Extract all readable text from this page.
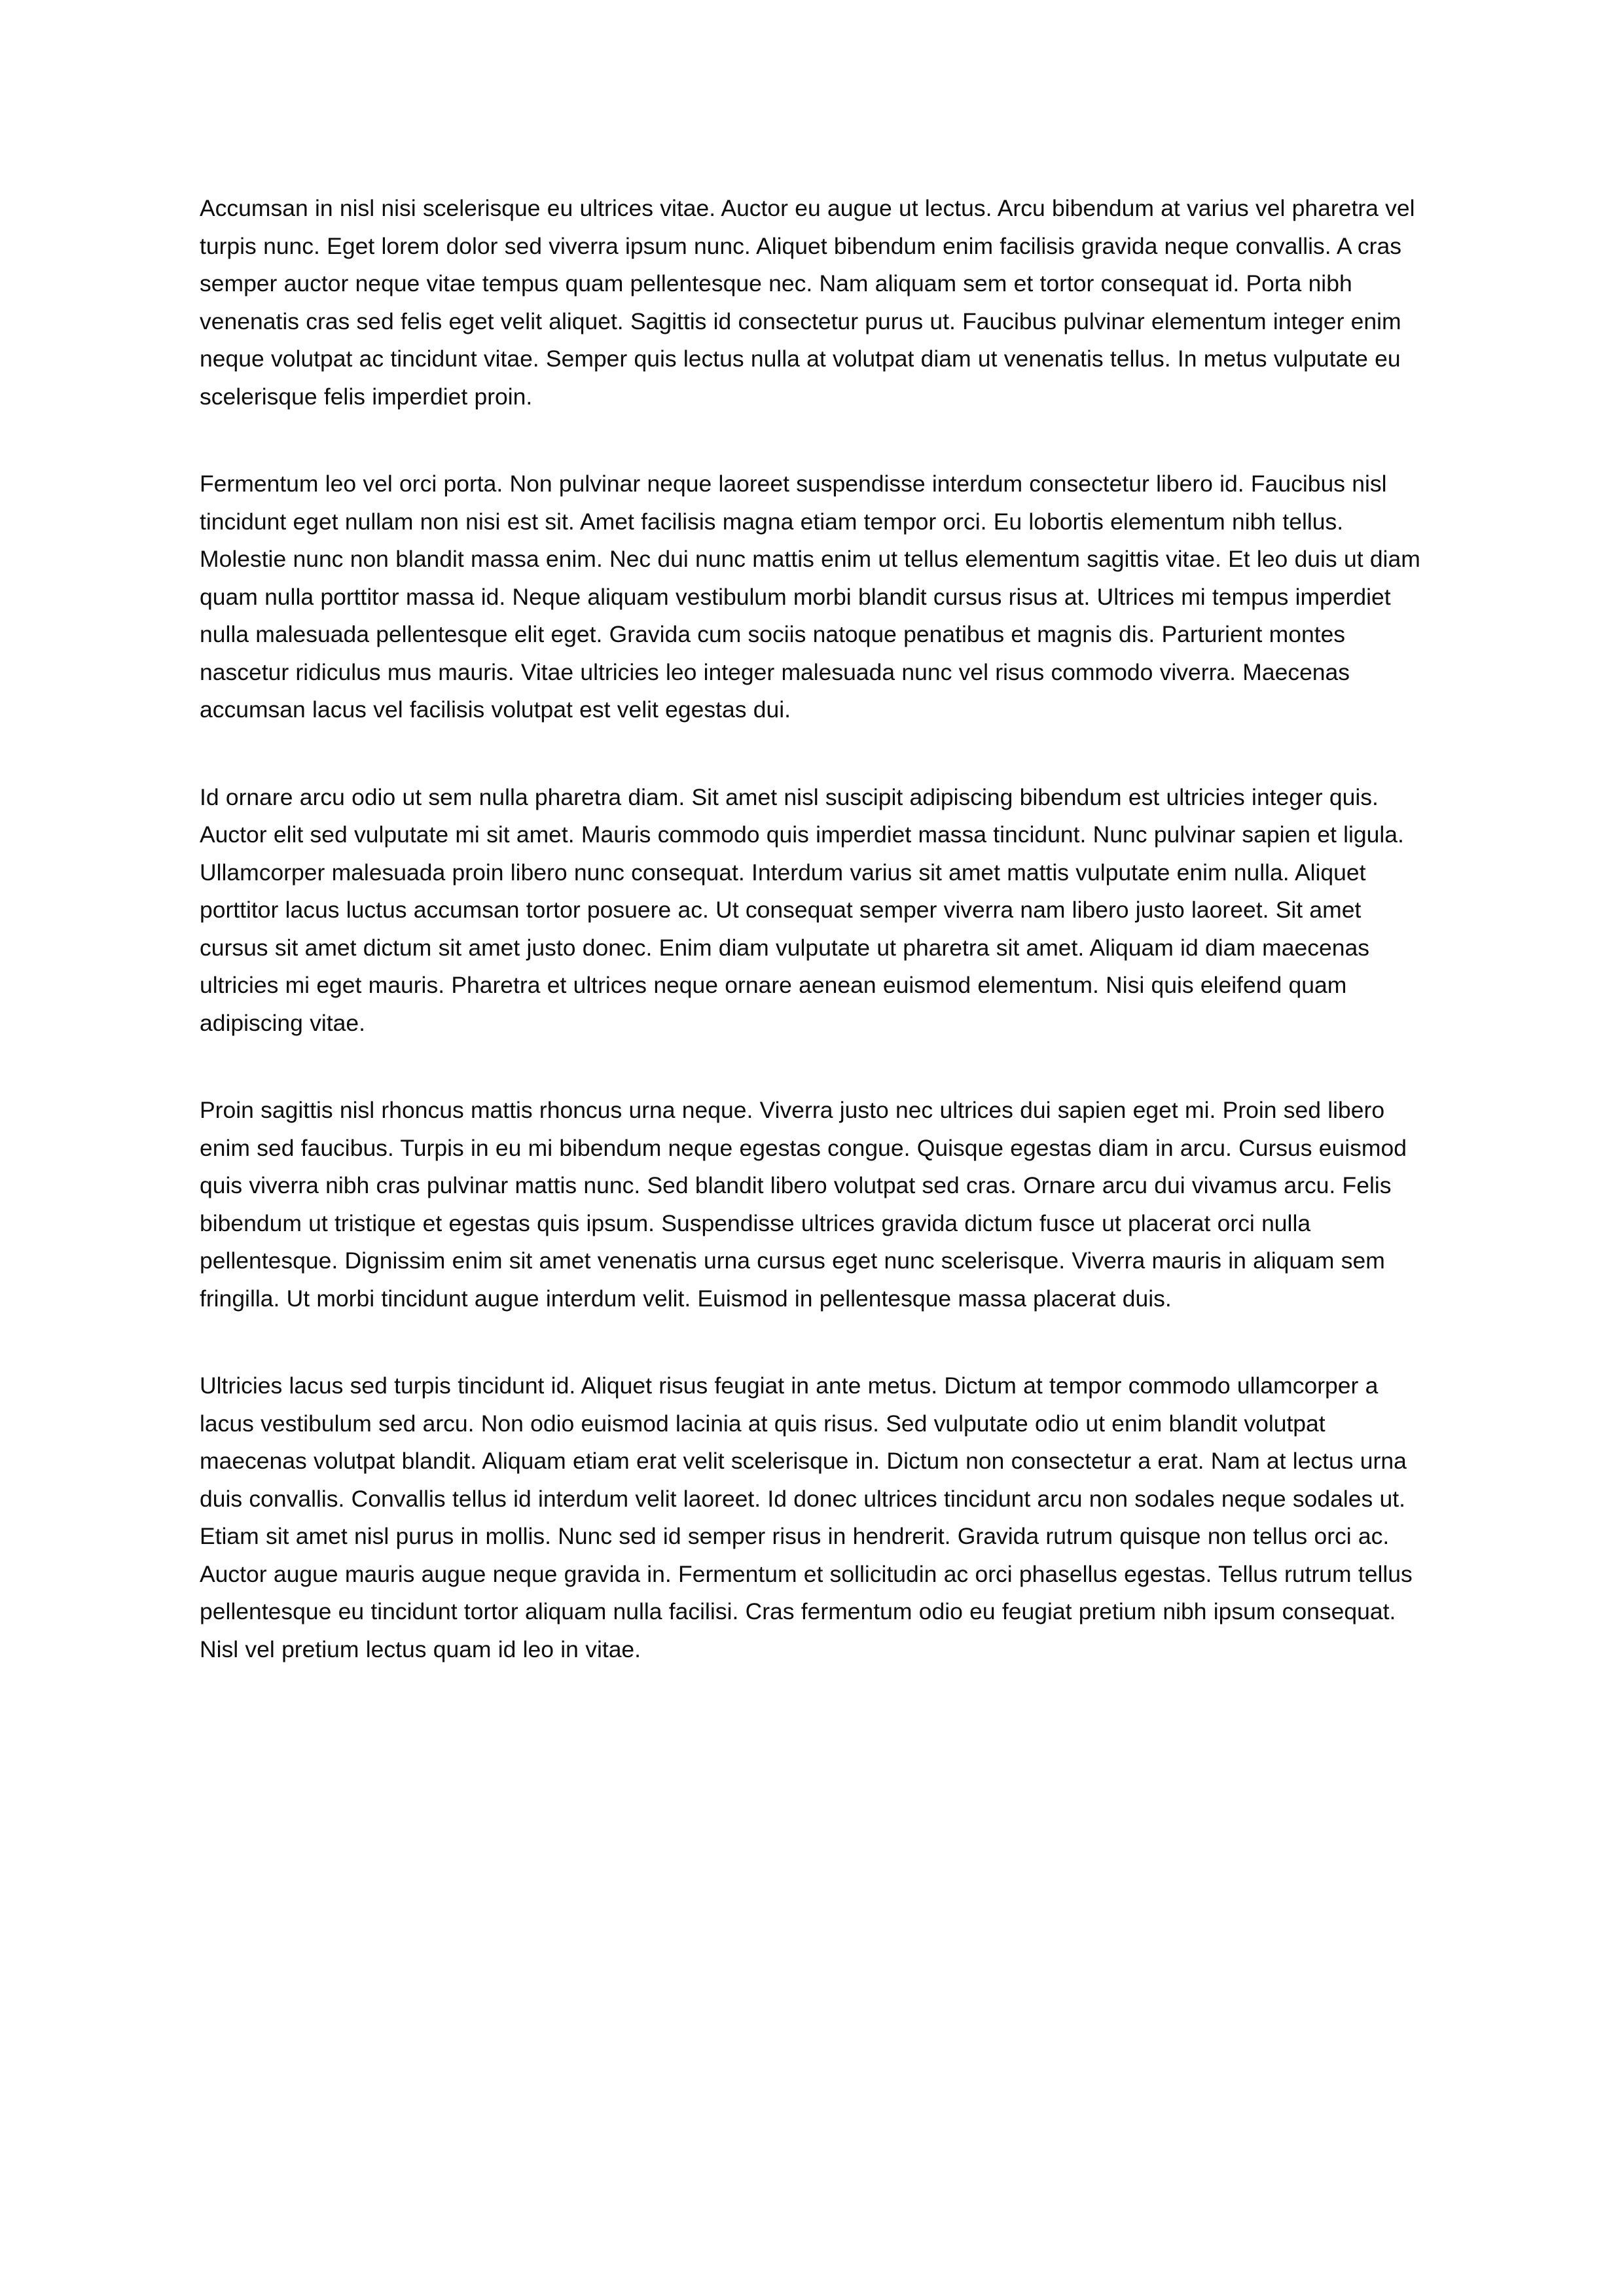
Accumsan in nisl nisi scelerisque eu ultrices vitae. Auctor eu augue ut lectus. Arcu bibendum at varius vel pharetra vel turpis nunc. Eget lorem dolor sed viverra ipsum nunc. Aliquet bibendum enim facilisis gravida neque convallis. A cras semper auctor neque vitae tempus quam pellentesque nec. Nam aliquam sem et tortor consequat id. Porta nibh venenatis cras sed felis eget velit aliquet. Sagittis id consectetur purus ut. Faucibus pulvinar elementum integer enim neque volutpat ac tincidunt vitae. Semper quis lectus nulla at volutpat diam ut venenatis tellus. In metus vulputate eu scelerisque felis imperdiet proin.

Fermentum leo vel orci porta. Non pulvinar neque laoreet suspendisse interdum consectetur libero id. Faucibus nisl tincidunt eget nullam non nisi est sit. Amet facilisis magna etiam tempor orci. Eu lobortis elementum nibh tellus. Molestie nunc non blandit massa enim. Nec dui nunc mattis enim ut tellus elementum sagittis vitae. Et leo duis ut diam quam nulla porttitor massa id. Neque aliquam vestibulum morbi blandit cursus risus at. Ultrices mi tempus imperdiet nulla malesuada pellentesque elit eget. Gravida cum sociis natoque penatibus et magnis dis. Parturient montes nascetur ridiculus mus mauris. Vitae ultricies leo integer malesuada nunc vel risus commodo viverra. Maecenas accumsan lacus vel facilisis volutpat est velit egestas dui.

Id ornare arcu odio ut sem nulla pharetra diam. Sit amet nisl suscipit adipiscing bibendum est ultricies integer quis. Auctor elit sed vulputate mi sit amet. Mauris commodo quis imperdiet massa tincidunt. Nunc pulvinar sapien et ligula. Ullamcorper malesuada proin libero nunc consequat. Interdum varius sit amet mattis vulputate enim nulla. Aliquet porttitor lacus luctus accumsan tortor posuere ac. Ut consequat semper viverra nam libero justo laoreet. Sit amet cursus sit amet dictum sit amet justo donec. Enim diam vulputate ut pharetra sit amet. Aliquam id diam maecenas ultricies mi eget mauris. Pharetra et ultrices neque ornare aenean euismod elementum. Nisi quis eleifend quam adipiscing vitae.

Proin sagittis nisl rhoncus mattis rhoncus urna neque. Viverra justo nec ultrices dui sapien eget mi. Proin sed libero enim sed faucibus. Turpis in eu mi bibendum neque egestas congue. Quisque egestas diam in arcu. Cursus euismod quis viverra nibh cras pulvinar mattis nunc. Sed blandit libero volutpat sed cras. Ornare arcu dui vivamus arcu. Felis bibendum ut tristique et egestas quis ipsum. Suspendisse ultrices gravida dictum fusce ut placerat orci nulla pellentesque. Dignissim enim sit amet venenatis urna cursus eget nunc scelerisque. Viverra mauris in aliquam sem fringilla. Ut morbi tincidunt augue interdum velit. Euismod in pellentesque massa placerat duis.

Ultricies lacus sed turpis tincidunt id. Aliquet risus feugiat in ante metus. Dictum at tempor commodo ullamcorper a lacus vestibulum sed arcu. Non odio euismod lacinia at quis risus. Sed vulputate odio ut enim blandit volutpat maecenas volutpat blandit. Aliquam etiam erat velit scelerisque in. Dictum non consectetur a erat. Nam at lectus urna duis convallis. Convallis tellus id interdum velit laoreet. Id donec ultrices tincidunt arcu non sodales neque sodales ut. Etiam sit amet nisl purus in mollis. Nunc sed id semper risus in hendrerit. Gravida rutrum quisque non tellus orci ac. Auctor augue mauris augue neque gravida in. Fermentum et sollicitudin ac orci phasellus egestas. Tellus rutrum tellus pellentesque eu tincidunt tortor aliquam nulla facilisi. Cras fermentum odio eu feugiat pretium nibh ipsum consequat. Nisl vel pretium lectus quam id leo in vitae.
